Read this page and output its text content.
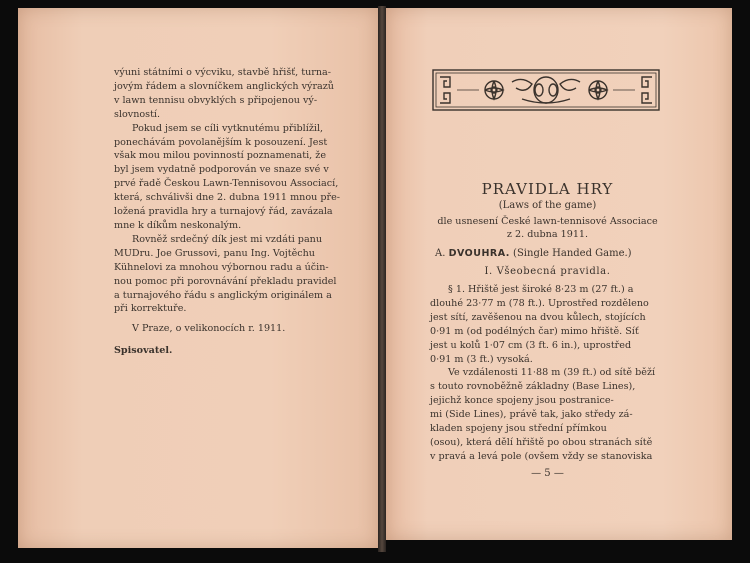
výuni státními o výcviku, stavbě hřišť, turna-
jovým řádem a slovníčkem anglických výrazů
v lawn tennisu obvyklých s připojenou vý-
slovností.

Pokud jsem se cíli vytknutému přiblížil,
ponechávám povolanějším k posouzení. Jest
však mou milou povinností poznamenati, že
byl jsem vydatně podporován ve snaze své v
prvé řadě Českou Lawn-Tennisovou Associací,
která, schválivši dne 2. dubna 1911 mnou pře-
ložená pravidla hry a turnajový řád, zavázala
mne k díkům neskonalým.

Rovněž srdečný dík jest mi vzdáti panu
MUDru. Joe Grussovi, panu Ing. Vojtěchu
Kühnelovi za mnohou výbornou radu a účin-
nou pomoc při porovnávání překladu pravidel
a turnajového řádu s anglickým originálem a
při korrektuře.

V Praze, o velikonocích r. 1911.

Spisovatel.

PRAVIDLA HRY
(Laws of the game)
dle usnesení České lawn-tennisové Associace
z 2. dubna 1911.
A. DVOUHRA. (Single Handed Game.)
I. Všeobecná pravidla.

§ 1. Hřiště jest široké 8·23 m (27 ft.) a
dlouhé 23·77 m (78 ft.). Uprostřed rozděleno
jest sítí, zavěšenou na dvou kůlech, stojících
0·91 m (od podélných čar) mimo hřiště. Síť
jest u kolů 1·07 cm (3 ft. 6 in.), uprostřed
0·91 m (3 ft.) vysoká.

Ve vzdálenosti 11·88 m (39 ft.) od sítě běží
s touto rovnoběžně základny (Base Lines),
jejichž konce spojeny jsou postranice-
mi (Side Lines), právě tak, jako středy zá-
kladen spojeny jsou střední přímkou
(osou), která dělí hřiště po obou stranách sítě
v pravá a levá pole (ovšem vždy se stanoviska

— 5 —
